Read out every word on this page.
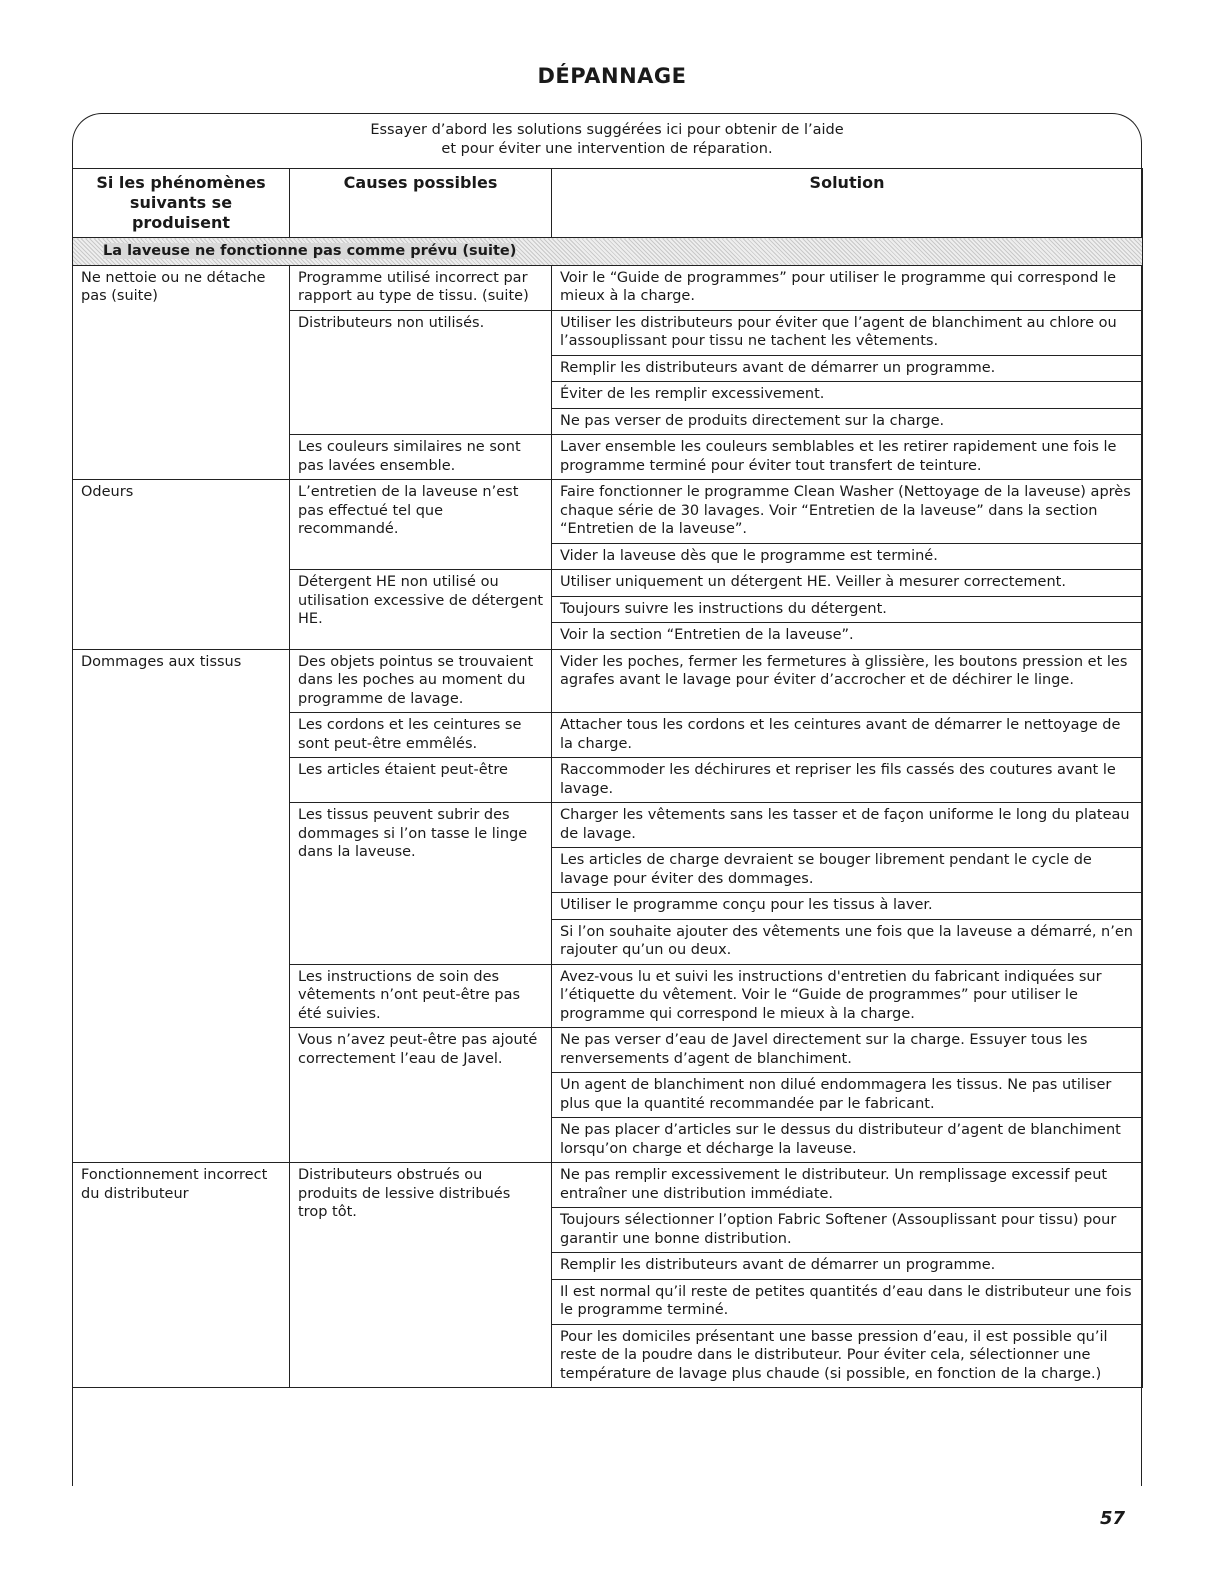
DÉPANNAGE
Essayer d’abord les solutions suggérées ici pour obtenir de l’aide
et pour éviter une intervention de réparation.
Si les phénomènes suivants se produisent	Causes possibles	Solution
La laveuse ne fonctionne pas comme prévu (suite)		
Ne nettoie ou ne détache pas (suite)	Programme utilisé incorrect par rapport au type de tissu. (suite)	Voir le “Guide de programmes” pour utiliser le programme qui correspond le mieux à la charge.
	Distributeurs non utilisés.	Utiliser les distributeurs pour éviter que l’agent de blanchiment au chlore ou l’assouplissant pour tissu ne tachent les vêtements.
		Remplir les distributeurs avant de démarrer un programme.
		Éviter de les remplir excessivement.
		Ne pas verser de produits directement sur la charge.
	Les couleurs similaires ne sont pas lavées ensemble.	Laver ensemble les couleurs semblables et les retirer rapidement une fois le programme terminé pour éviter tout transfert de teinture.
Odeurs	L’entretien de la laveuse n’est pas effectué tel que recommandé.	Faire fonctionner le programme Clean Washer (Nettoyage de la laveuse) après chaque série de 30 lavages. Voir “Entretien de la laveuse” dans la section “Entretien de la laveuse”.
		Vider la laveuse dès que le programme est terminé.
	Détergent HE non utilisé ou utilisation excessive de détergent HE.	Utiliser uniquement un détergent HE. Veiller à mesurer correctement.
		Toujours suivre les instructions du détergent.
		Voir la section “Entretien de la laveuse”.
Dommages aux tissus	Des objets pointus se trouvaient dans les poches au moment du programme de lavage.	Vider les poches, fermer les fermetures à glissière, les boutons pression et les agrafes avant le lavage pour éviter d’accrocher et de déchirer le linge.
	Les cordons et les ceintures se sont peut-être emmêlés.	Attacher tous les cordons et les ceintures avant de démarrer le nettoyage de la charge.
	Les articles étaient peut-être	Raccommoder les déchirures et repriser les fils cassés des coutures avant le lavage.
	Les tissus peuvent subrir des dommages si l’on tasse le linge dans la laveuse.	Charger les vêtements sans les tasser et de façon uniforme le long du plateau de lavage.
		Les articles de charge devraient se bouger librement pendant le cycle de lavage pour éviter des dommages.
		Utiliser le programme conçu pour les tissus à laver.
		Si l’on souhaite ajouter des vêtements une fois que la laveuse a démarré, n’en rajouter qu’un ou deux.
	Les instructions de soin des vêtements n’ont peut-être pas été suivies.	Avez-vous lu et suivi les instructions d'entretien du fabricant indiquées sur l’étiquette du vêtement. Voir le “Guide de programmes” pour utiliser le programme qui correspond le mieux à la charge.
	Vous n’avez peut-être pas ajouté correctement l’eau de Javel.	Ne pas verser d’eau de Javel directement sur la charge. Essuyer tous les renversements d’agent de blanchiment.
		Un agent de blanchiment non dilué endommagera les tissus. Ne pas utiliser plus que la quantité recommandée par le fabricant.
		Ne pas placer d’articles sur le dessus du distributeur d’agent de blanchiment lorsqu’on charge et décharge la laveuse.
Fonctionnement incorrect du distributeur	Distributeurs obstrués ou produits de lessive distribués trop tôt.	Ne pas remplir excessivement le distributeur. Un remplissage excessif peut entraîner une distribution immédiate.
		Toujours sélectionner l’option Fabric Softener (Assouplissant pour tissu) pour garantir une bonne distribution.
		Remplir les distributeurs avant de démarrer un programme.
		Il est normal qu’il reste de petites quantités d’eau dans le distributeur une fois le programme terminé.
		Pour les domiciles présentant une basse pression d’eau, il est possible qu’il reste de la poudre dans le distributeur. Pour éviter cela, sélectionner une température de lavage plus chaude (si possible, en fonction de la charge.)
57
